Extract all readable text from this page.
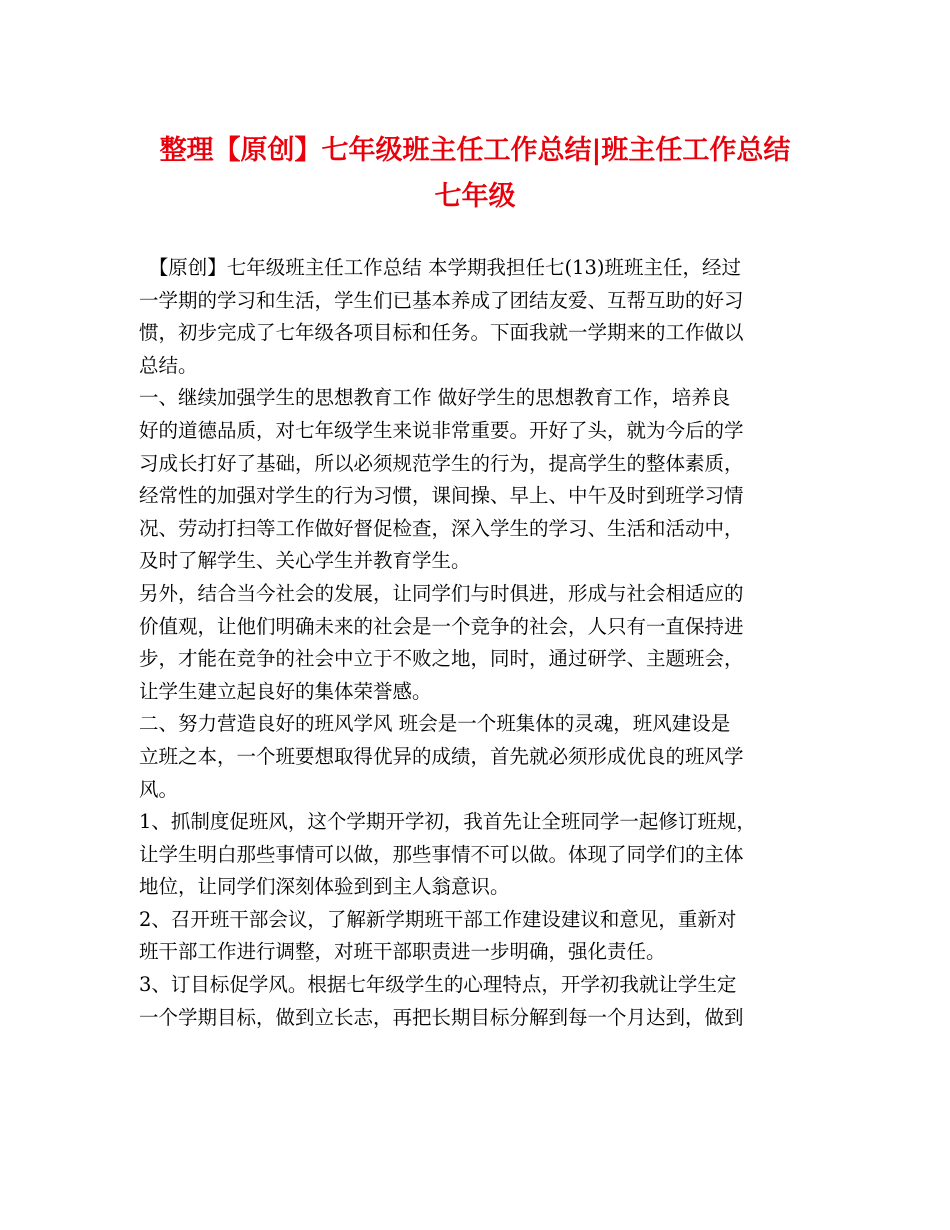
整理【原创】七年级班主任工作总结|班主任工作总结
七年级
　【原创】七年级班主任工作总结 本学期我担任七(13)班班主任，经过
一学期的学习和生活，学生们已基本养成了团结友爱、互帮互助的好习
惯，初步完成了七年级各项目标和任务。下面我就一学期来的工作做以
总结。
一、继续加强学生的思想教育工作 做好学生的思想教育工作，培养良
好的道德品质，对七年级学生来说非常重要。开好了头，就为今后的学
习成长打好了基础，所以必须规范学生的行为，提高学生的整体素质，
经常性的加强对学生的行为习惯，课间操、早上、中午及时到班学习情
况、劳动打扫等工作做好督促检查，深入学生的学习、生活和活动中，
及时了解学生、关心学生并教育学生。
另外，结合当今社会的发展，让同学们与时俱进，形成与社会相适应的
价值观，让他们明确未来的社会是一个竞争的社会，人只有一直保持进
步，才能在竞争的社会中立于不败之地，同时，通过研学、主题班会，
让学生建立起良好的集体荣誉感。
二、努力营造良好的班风学风 班会是一个班集体的灵魂，班风建设是
立班之本，一个班要想取得优异的成绩，首先就必须形成优良的班风学
风。
1、抓制度促班风，这个学期开学初，我首先让全班同学一起修订班规，
让学生明白那些事情可以做，那些事情不可以做。体现了同学们的主体
地位，让同学们深刻体验到到主人翁意识。
2、召开班干部会议，了解新学期班干部工作建设建议和意见，重新对
班干部工作进行调整，对班干部职责进一步明确，强化责任。
3、订目标促学风。根据七年级学生的心理特点，开学初我就让学生定
一个学期目标，做到立长志，再把长期目标分解到每一个月达到，做到
